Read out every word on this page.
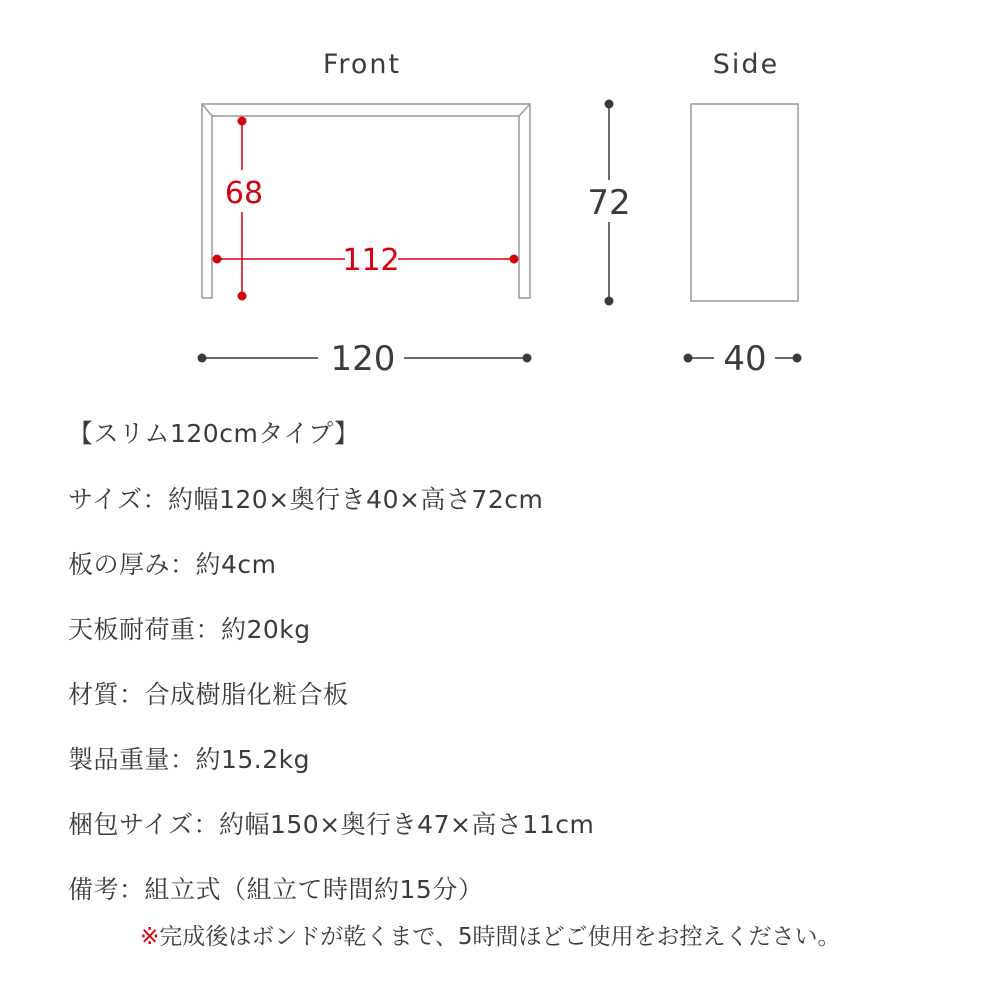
Front	Side
68
112
72
120	40
【スリム120cmタイプ】
サイズ：約幅120×奥行き40×高さ72cm
板の厚み：約4cm
天板耐荷重：約20kg
材質：合成樹脂化粧合板
製品重量：約15.2kg
梱包サイズ：約幅150×奥行き47×高さ11cm
備考：組立式（組立て時間約15分）
※完成後はボンドが乾くまで、5時間ほどご使用をお控えください。
